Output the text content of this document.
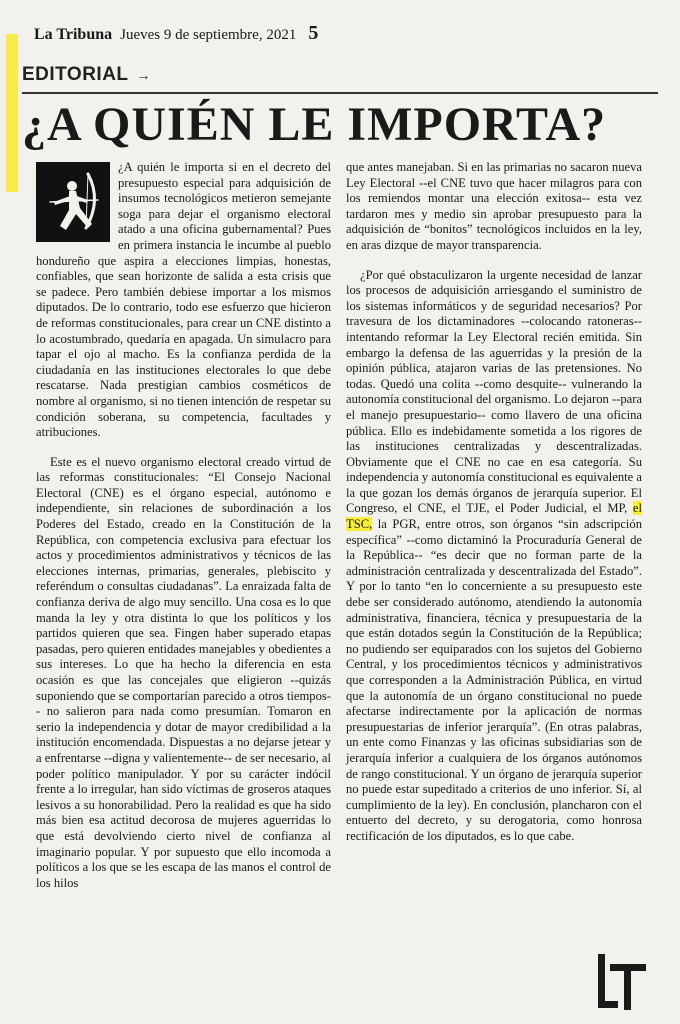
La Tribuna Jueves 9 de septiembre, 2021 5
EDITORIAL →
¿A QUIÉN LE IMPORTA?

¿A quién le importa si en el decreto del presupuesto especial para adquisición de insumos tecnológicos metieron semejante soga para dejar el organismo electoral atado a una oficina gubernamental? Pues en primera instancia le incumbe al pueblo hondureño que aspira a elecciones limpias, honestas, confiables, que sean horizonte de salida a esta crisis que se padece. Pero también debiese importar a los mismos diputados. De lo contrario, todo ese esfuerzo que hicieron de reformas constitucionales, para crear un CNE distinto a lo acostumbrado, quedaría en apagada. Un simulacro para tapar el ojo al macho. Es la confianza perdida de la ciudadanía en las instituciones electorales lo que debe rescatarse. Nada prestigian cambios cosméticos de nombre al organismo, si no tienen intención de respetar su condición soberana, su competencia, facultades y atribuciones.

Este es el nuevo organismo electoral creado virtud de las reformas constitucionales: “El Consejo Nacional Electoral (CNE) es el órgano especial, autónomo e independiente, sin relaciones de subordinación a los Poderes del Estado, creado en la Constitución de la República, con competencia exclusiva para efectuar los actos y procedimientos administrativos y técnicos de las elecciones internas, primarias, generales, plebiscito y referéndum o consultas ciudadanas”. La enraizada falta de confianza deriva de algo muy sencillo. Una cosa es lo que manda la ley y otra distinta lo que los políticos y los partidos quieren que sea. Fingen haber superado etapas pasadas, pero quieren entidades manejables y obedientes a sus intereses. Lo que ha hecho la diferencia en esta ocasión es que las concejales que eligieron --quizás suponiendo que se comportarían parecido a otros tiempos-- no salieron para nada como presumían. Tomaron en serio la independencia y dotar de mayor credibilidad a la institución encomendada. Dispuestas a no dejarse jetear y a enfrentarse --digna y valientemente-- de ser necesario, al poder político manipulador. Y por su carácter indócil frente a lo irregular, han sido víctimas de groseros ataques lesivos a su honorabilidad. Pero la realidad es que ha sido más bien esa actitud decorosa de mujeres aguerridas lo que está devolviendo cierto nivel de confianza al imaginario popular. Y por supuesto que ello incomoda a políticos a los que se les escapa de las manos el control de los hilos

que antes manejaban. Si en las primarias no sacaron nueva Ley Electoral --el CNE tuvo que hacer milagros para con los remiendos montar una elección exitosa-- esta vez tardaron mes y medio sin aprobar presupuesto para la adquisición de “bonitos” tecnológicos incluidos en la ley, en aras dizque de mayor transparencia.

¿Por qué obstaculizaron la urgente necesidad de lanzar los procesos de adquisición arriesgando el suministro de los sistemas informáticos y de seguridad necesarios? Por travesura de los dictaminadores --colocando ratoneras-- intentando reformar la Ley Electoral recién emitida. Sin embargo la defensa de las aguerridas y la presión de la opinión pública, atajaron varias de las pretensiones. No todas. Quedó una colita --como desquite-- vulnerando la autonomía constitucional del organismo. Lo dejaron --para el manejo presupuestario-- como llavero de una oficina pública. Ello es indebidamente sometida a los rigores de las instituciones centralizadas y descentralizadas. Obviamente que el CNE no cae en esa categoría. Su independencia y autonomía constitucional es equivalente a la que gozan los demás órganos de jerarquía superior. El Congreso, el CNE, el TJE, el Poder Judicial, el MP, el TSC, la PGR, entre otros, son órganos “sin adscripción específica” --como dictaminó la Procuraduría General de la República-- “es decir que no forman parte de la administración centralizada y descentralizada del Estado”. Y por lo tanto “en lo concerniente a su presupuesto este debe ser considerado autónomo, atendiendo la autonomía administrativa, financiera, técnica y presupuestaria de la que están dotados según la Constitución de la República; no pudiendo ser equiparados con los sujetos del Gobierno Central, y los procedimientos técnicos y administrativos que corresponden a la Administración Pública, en virtud que la autonomía de un órgano constitucional no puede afectarse indirectamente por la aplicación de normas presupuestarias de inferior jerarquía”. (En otras palabras, un ente como Finanzas y las oficinas subsidiarias son de jerarquía inferior a cualquiera de los órganos autónomos de rango constitucional. Y un órgano de jerarquía superior no puede estar supeditado a criterios de uno inferior. Sí, al cumplimiento de la ley). En conclusión, plancharon con el entuerto del decreto, y su derogatoria, como honrosa rectificación de los diputados, es lo que cabe.
